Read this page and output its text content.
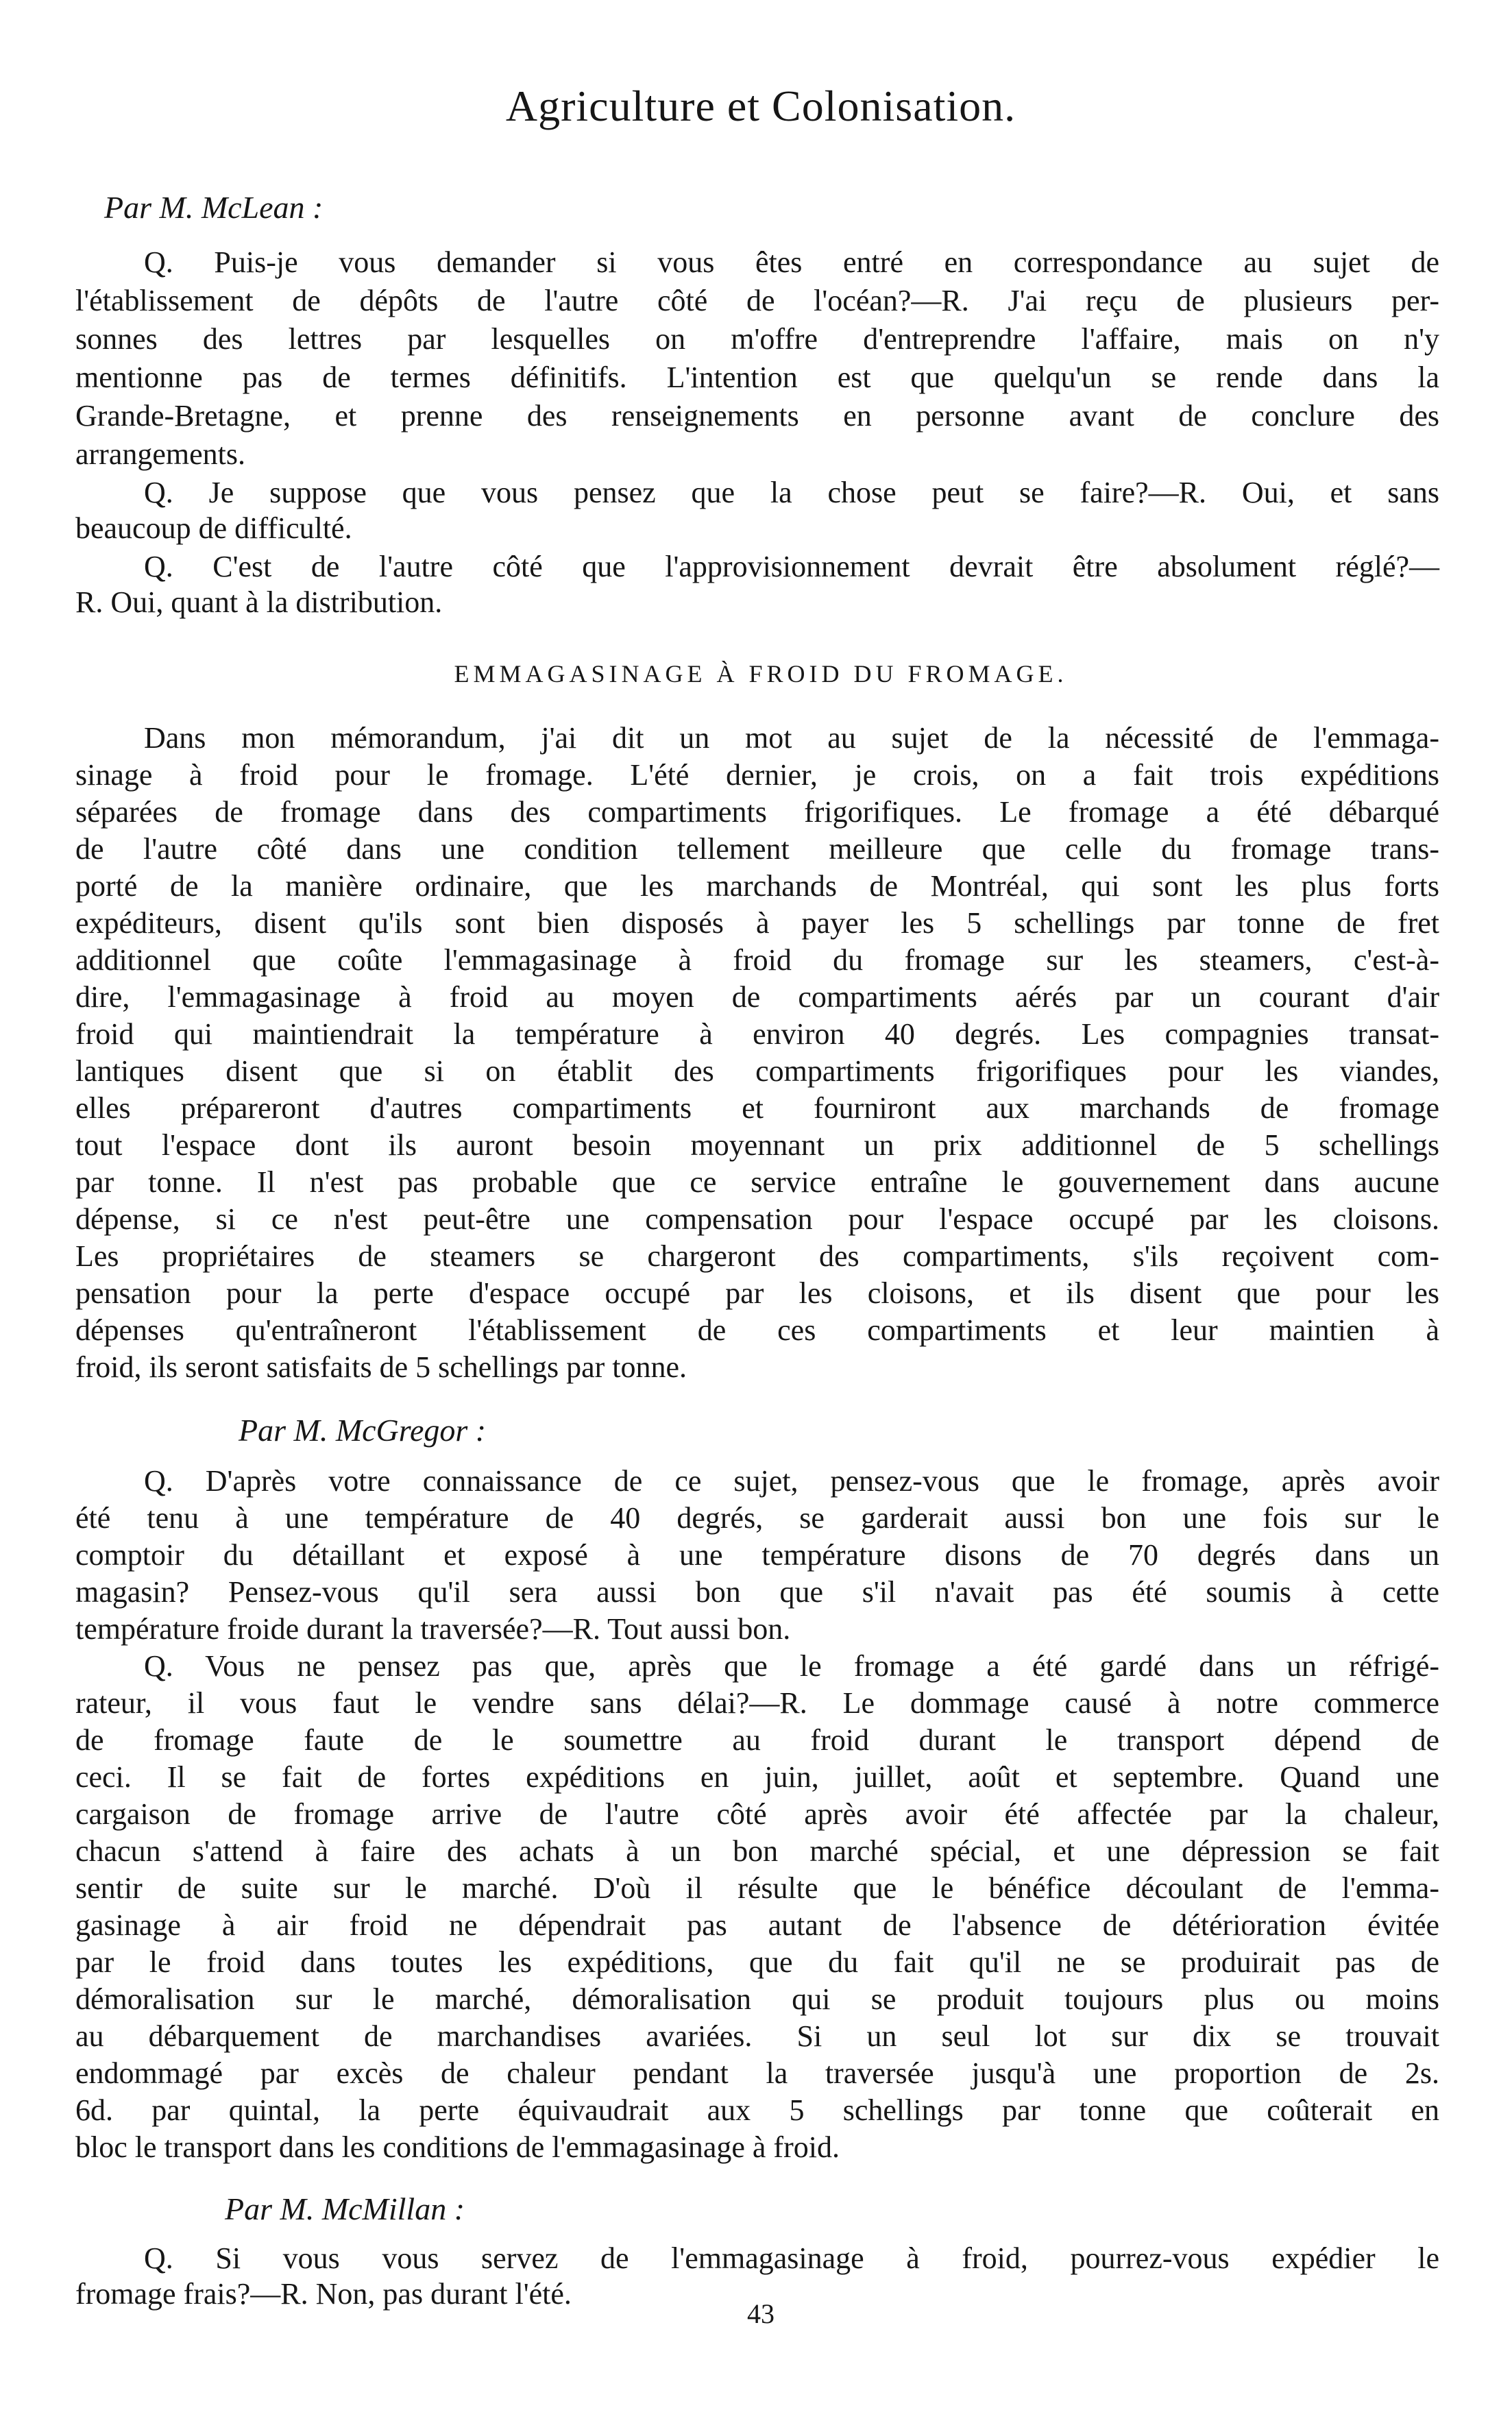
Agriculture et Colonisation.
Par M. McLean :
Q. Puis-je vous demander si vous êtes entré en correspondance au sujet de
l'établissement de dépôts de l'autre côté de l'océan?—R. J'ai reçu de plusieurs per-
sonnes des lettres par lesquelles on m'offre d'entreprendre l'affaire, mais on n'y
mentionne pas de termes définitifs. L'intention est que quelqu'un se rende dans la
Grande-Bretagne, et prenne des renseignements en personne avant de conclure des
arrangements.
Q. Je suppose que vous pensez que la chose peut se faire?—R. Oui, et sans
beaucoup de difficulté.
Q. C'est de l'autre côté que l'approvisionnement devrait être absolument réglé?—
R. Oui, quant à la distribution.
EMMAGASINAGE À FROID DU FROMAGE.
Dans mon mémorandum, j'ai dit un mot au sujet de la nécessité de l'emmaga-
sinage à froid pour le fromage. L'été dernier, je crois, on a fait trois expéditions
séparées de fromage dans des compartiments frigorifiques. Le fromage a été débarqué
de l'autre côté dans une condition tellement meilleure que celle du fromage trans-
porté de la manière ordinaire, que les marchands de Montréal, qui sont les plus forts
expéditeurs, disent qu'ils sont bien disposés à payer les 5 schellings par tonne de fret
additionnel que coûte l'emmagasinage à froid du fromage sur les steamers, c'est-à-
dire, l'emmagasinage à froid au moyen de compartiments aérés par un courant d'air
froid qui maintiendrait la température à environ 40 degrés. Les compagnies transat-
lantiques disent que si on établit des compartiments frigorifiques pour les viandes,
elles prépareront d'autres compartiments et fourniront aux marchands de fromage
tout l'espace dont ils auront besoin moyennant un prix additionnel de 5 schellings
par tonne. Il n'est pas probable que ce service entraîne le gouvernement dans aucune
dépense, si ce n'est peut-être une compensation pour l'espace occupé par les cloisons.
Les propriétaires de steamers se chargeront des compartiments, s'ils reçoivent com-
pensation pour la perte d'espace occupé par les cloisons, et ils disent que pour les
dépenses qu'entraîneront l'établissement de ces compartiments et leur maintien à
froid, ils seront satisfaits de 5 schellings par tonne.
Par M. McGregor :
Q. D'après votre connaissance de ce sujet, pensez-vous que le fromage, après avoir
été tenu à une température de 40 degrés, se garderait aussi bon une fois sur le
comptoir du détaillant et exposé à une température disons de 70 degrés dans un
magasin? Pensez-vous qu'il sera aussi bon que s'il n'avait pas été soumis à cette
température froide durant la traversée?—R. Tout aussi bon.
Q. Vous ne pensez pas que, après que le fromage a été gardé dans un réfrigé-
rateur, il vous faut le vendre sans délai?—R. Le dommage causé à notre commerce
de fromage faute de le soumettre au froid durant le transport dépend de
ceci. Il se fait de fortes expéditions en juin, juillet, août et septembre. Quand une
cargaison de fromage arrive de l'autre côté après avoir été affectée par la chaleur,
chacun s'attend à faire des achats à un bon marché spécial, et une dépression se fait
sentir de suite sur le marché. D'où il résulte que le bénéfice découlant de l'emma-
gasinage à air froid ne dépendrait pas autant de l'absence de détérioration évitée
par le froid dans toutes les expéditions, que du fait qu'il ne se produirait pas de
démoralisation sur le marché, démoralisation qui se produit toujours plus ou moins
au débarquement de marchandises avariées. Si un seul lot sur dix se trouvait
endommagé par excès de chaleur pendant la traversée jusqu'à une proportion de 2s.
6d. par quintal, la perte équivaudrait aux 5 schellings par tonne que coûterait en
bloc le transport dans les conditions de l'emmagasinage à froid.
Par M. McMillan :
Q. Si vous vous servez de l'emmagasinage à froid, pourrez-vous expédier le
fromage frais?—R. Non, pas durant l'été.
43
